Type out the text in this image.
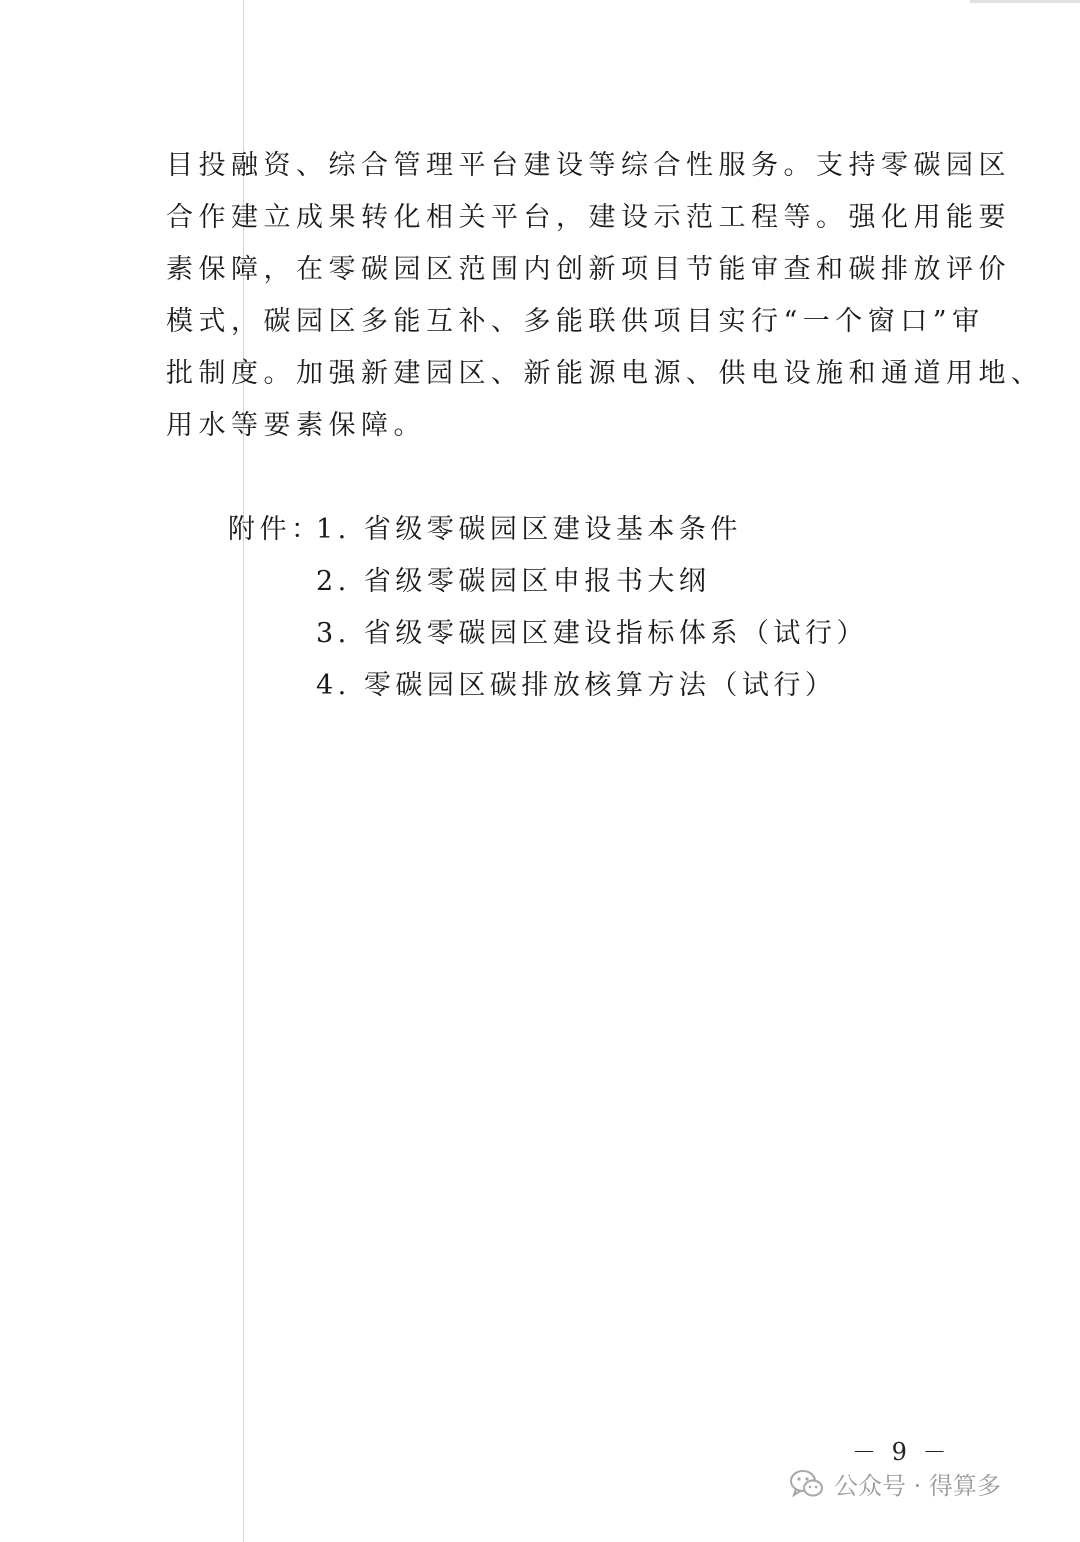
目投融资、综合管理平台建设等综合性服务。支持零碳园区
合作建立成果转化相关平台，建设示范工程等。强化用能要
素保障，在零碳园区范围内创新项目节能审查和碳排放评价
模式，碳园区多能互补、多能联供项目实行“一个窗口”审
批制度。加强新建园区、新能源电源、供电设施和通道用地、
用水等要素保障。
附件：
1. 省级零碳园区建设基本条件
2. 省级零碳园区申报书大纲
3. 省级零碳园区建设指标体系（试行）
4. 零碳园区碳排放核算方法（试行）
－ 9 －
公众号 · 得算多
